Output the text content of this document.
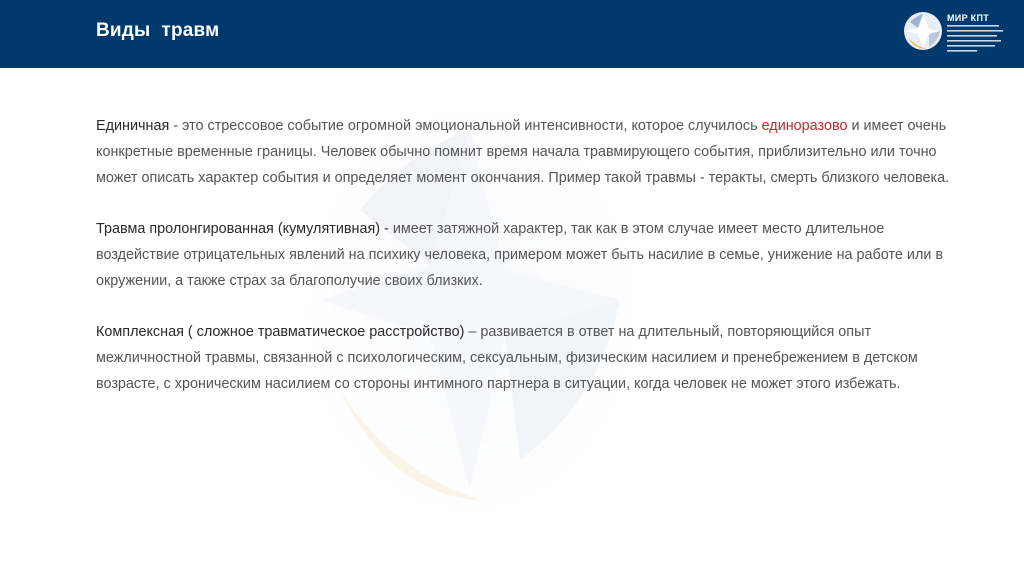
Виды  травм
МИР КПТ

Единичная - это стрессовое событие огромной эмоциональной интенсивности, которое случилось единоразово и имеет очень конкретные временные границы. Человек обычно помнит время начала травмирующего события, приблизительно или точно может описать характер события и определяет момент окончания. Пример такой травмы - теракты, смерть близкого человека.

Травма пролонгированная (кумулятивная) - имеет затяжной характер, так как в этом случае имеет место длительное воздействие отрицательных явлений на психику человека, примером может быть насилие в семье, унижение на работе или в окружении, а также страх за благополучие своих близких.

Комплексная ( сложное травматическое расстройство) – развивается в ответ на длительный, повторяющийся опыт межличностной травмы, связанной с психологическим, сексуальным, физическим насилием и пренебрежением в детском возрасте, с хроническим насилием со стороны интимного партнера в ситуации, когда человек не может этого избежать.
